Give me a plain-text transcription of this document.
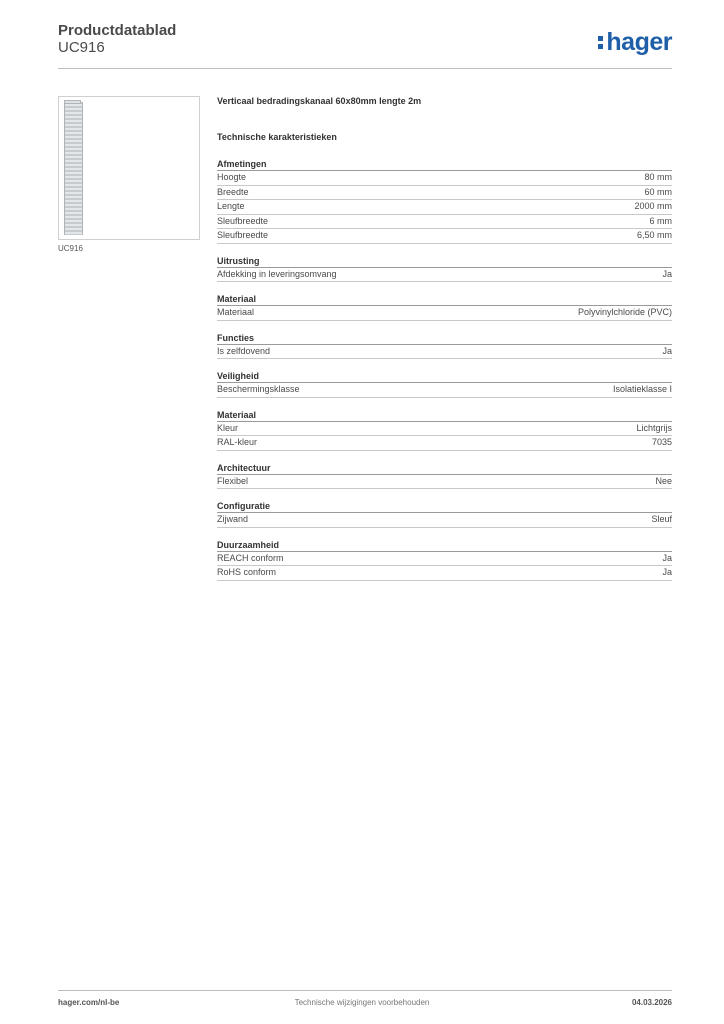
Productdatablad
UC916	hager
UC916
Verticaal bedradingskanaal 60x80mm lengte 2m
Technische karakteristieken
Afmetingen
Hoogte	80 mm
Breedte	60 mm
Lengte	2000 mm
Sleufbreedte	6 mm
Sleufbreedte	6,50 mm
Uitrusting
Afdekking in leveringsomvang	Ja
Materiaal
Materiaal	Polyvinylchloride (PVC)
Functies
Is zelfdovend	Ja
Veiligheid
Beschermingsklasse	Isolatieklasse I
Materiaal
Kleur	Lichtgrijs
RAL-kleur	7035
Architectuur
Flexibel	Nee
Configuratie
Zijwand	Sleuf
Duurzaamheid
REACH conform	Ja
RoHS conform	Ja
hager.com/nl-be	Technische wijzigingen voorbehouden	04.03.2026
